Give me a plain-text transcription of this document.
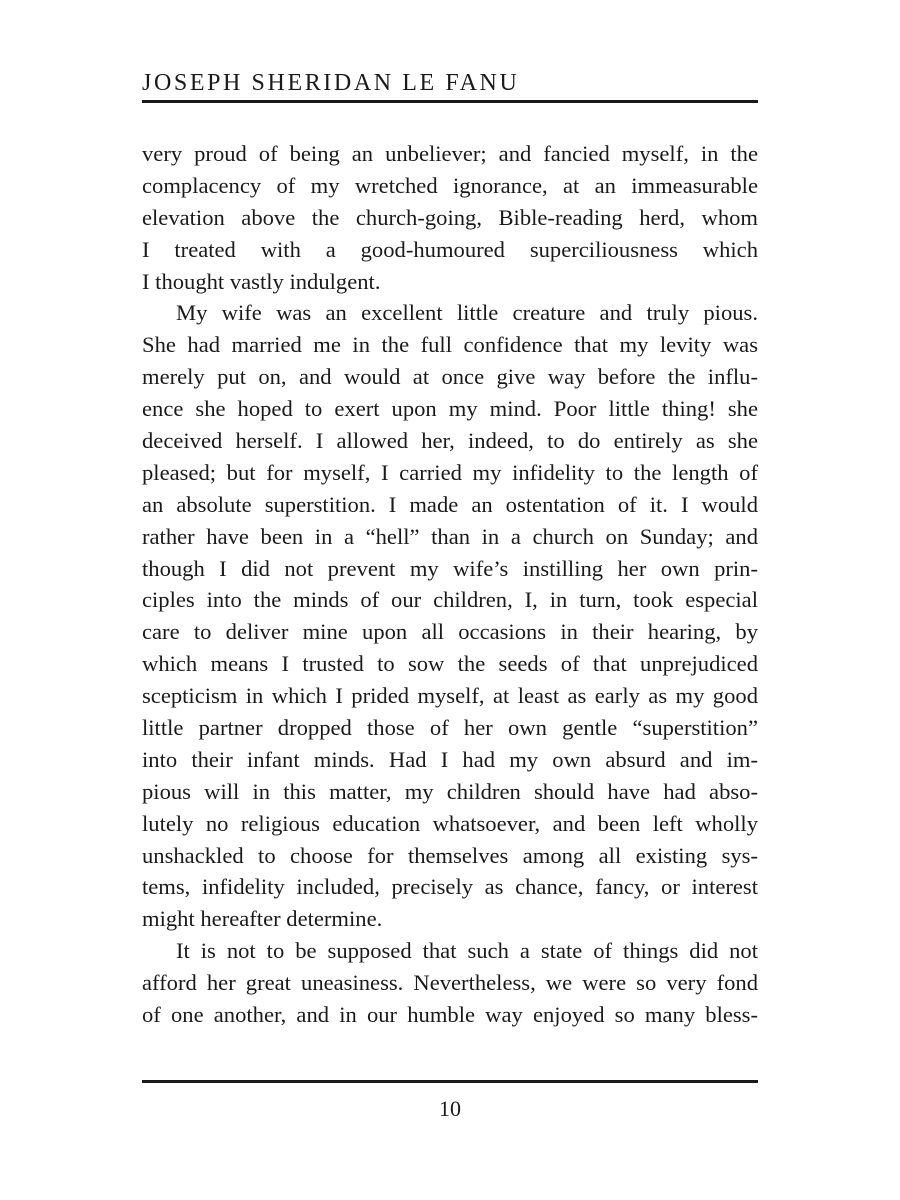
JOSEPH SHERIDAN LE FANU
very proud of being an unbeliever; and fancied myself, in the
complacency of my wretched ignorance, at an immeasurable
elevation above the church-going, Bible-reading herd, whom
I treated with a good-humoured superciliousness which
I thought vastly indulgent.
My wife was an excellent little creature and truly pious.
She had married me in the full confidence that my levity was
merely put on, and would at once give way before the influ-
ence she hoped to exert upon my mind. Poor little thing! she
deceived herself. I allowed her, indeed, to do entirely as she
pleased; but for myself, I carried my infidelity to the length of
an absolute superstition. I made an ostentation of it. I would
rather have been in a “hell” than in a church on Sunday; and
though I did not prevent my wife’s instilling her own prin-
ciples into the minds of our children, I, in turn, took especial
care to deliver mine upon all occasions in their hearing, by
which means I trusted to sow the seeds of that unprejudiced
scepticism in which I prided myself, at least as early as my good
little partner dropped those of her own gentle “superstition”
into their infant minds. Had I had my own absurd and im-
pious will in this matter, my children should have had abso-
lutely no religious education whatsoever, and been left wholly
unshackled to choose for themselves among all existing sys-
tems, infidelity included, precisely as chance, fancy, or interest
might hereafter determine.
It is not to be supposed that such a state of things did not
afford her great uneasiness. Nevertheless, we were so very fond
of one another, and in our humble way enjoyed so many bless-
10
